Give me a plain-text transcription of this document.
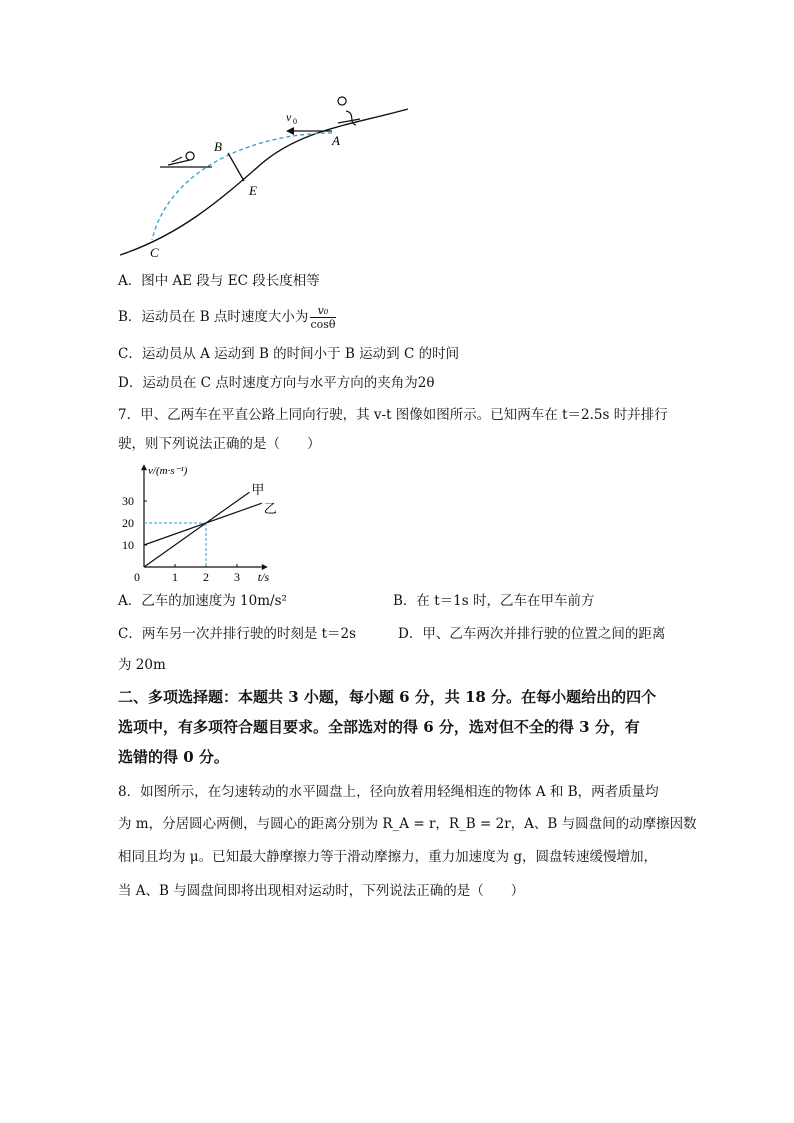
v 0
A
B
E
C
A．图中 AE 段与 EC 段长度相等
B．运动员在 B 点时速度大小为 $\frac{\text{v₀}}{\cos\theta}$
C．运动员从 A 运动到 B 的时间小于 B 运动到 C 的时间
D．运动员在 C 点时速度方向与水平方向的夹角为2θ
7．甲、乙两车在平直公路上同向行驶，其 v-t 图像如图所示。已知两车在 t＝2.5s 时并排行
驶，则下列说法正确的是（　　）
1 2 3
10
20
30
0
v/(m·s⁻¹)
t/s
甲
乙
A．乙车的加速度为 10m/s²	B．在 t＝1s 时，乙车在甲车前方
C．两车另一次并排行驶的时刻是 t＝2s	D．甲、乙车两次并排行驶的位置之间的距离
为 20m
二、多项选择题：本题共 3 小题，每小题 6 分，共 18 分。在每小题给出的四个
选项中，有多项符合题目要求。全部选对的得 6 分，选对但不全的得 3 分，有
选错的得 0 分。
8．如图所示，在匀速转动的水平圆盘上，径向放着用轻绳相连的物体 A 和 B，两者质量均
为 m，分居圆心两侧，与圆心的距离分别为 R_A = r，R_B = 2r，A、B 与圆盘间的动摩擦因数
相同且均为 μ。已知最大静摩擦力等于滑动摩擦力，重力加速度为 g，圆盘转速缓慢增加，
当 A、B 与圆盘间即将出现相对运动时，下列说法正确的是（　　）
